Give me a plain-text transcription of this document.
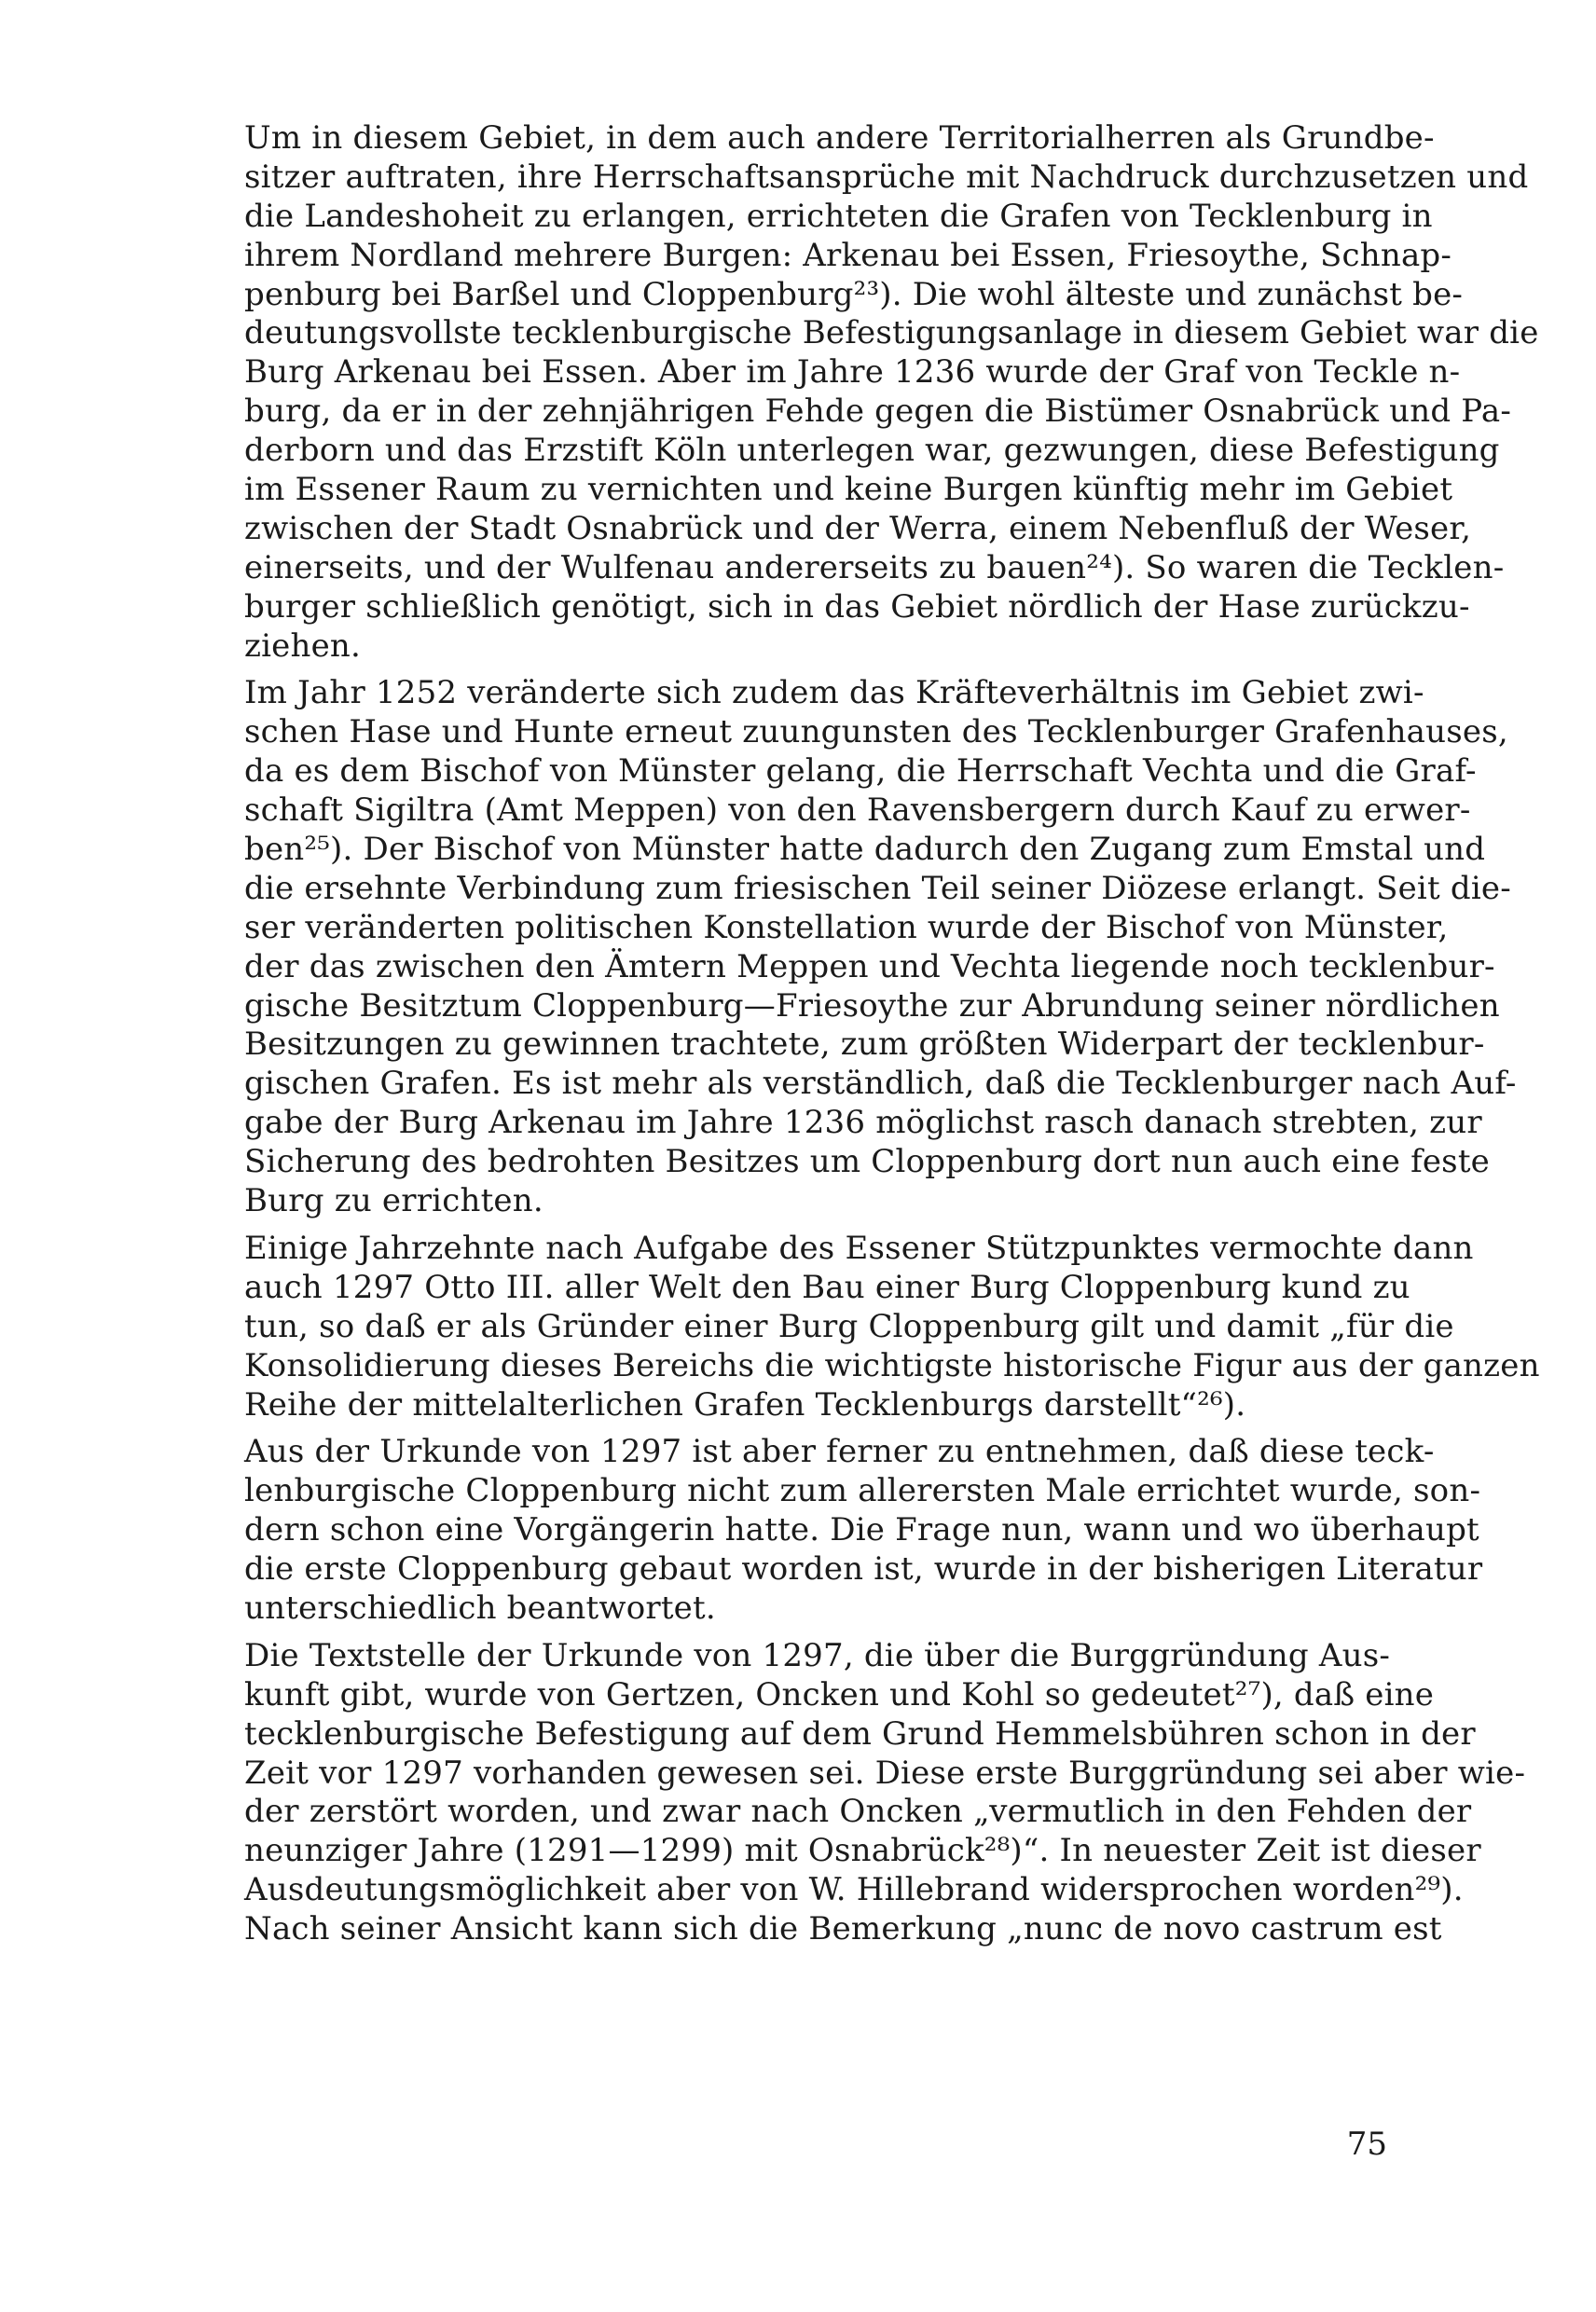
Um in diesem Gebiet, in dem auch andere Territorialherren als Grundbe-
sitzer auftraten, ihre Herrschaftsansprüche mit Nachdruck durchzusetzen und
die Landeshoheit zu erlangen, errichteten die Grafen von Tecklenburg in
ihrem Nordland mehrere Burgen: Arkenau bei Essen, Friesoythe, Schnap-
penburg bei Barßel und Cloppenburg²³). Die wohl älteste und zunächst be-
deutungsvollste tecklenburgische Befestigungsanlage in diesem Gebiet war die
Burg Arkenau bei Essen. Aber im Jahre 1236 wurde der Graf von Teckle n-
burg, da er in der zehnjährigen Fehde gegen die Bistümer Osnabrück und Pa-
derborn und das Erzstift Köln unterlegen war, gezwungen, diese Befestigung
im Essener Raum zu vernichten und keine Burgen künftig mehr im Gebiet
zwischen der Stadt Osnabrück und der Werra, einem Nebenfluß der Weser,
einerseits, und der Wulfenau andererseits zu bauen²⁴). So waren die Tecklen-
burger schließlich genötigt, sich in das Gebiet nördlich der Hase zurückzu-
ziehen.
Im Jahr 1252 veränderte sich zudem das Kräfteverhältnis im Gebiet zwi-
schen Hase und Hunte erneut zuungunsten des Tecklenburger Grafenhauses,
da es dem Bischof von Münster gelang, die Herrschaft Vechta und die Graf-
schaft Sigiltra (Amt Meppen) von den Ravensbergern durch Kauf zu erwer-
ben²⁵). Der Bischof von Münster hatte dadurch den Zugang zum Emstal und
die ersehnte Verbindung zum friesischen Teil seiner Diözese erlangt. Seit die-
ser veränderten politischen Konstellation wurde der Bischof von Münster,
der das zwischen den Ämtern Meppen und Vechta liegende noch tecklenbur-
gische Besitztum Cloppenburg—Friesoythe zur Abrundung seiner nördlichen
Besitzungen zu gewinnen trachtete, zum größten Widerpart der tecklenbur-
gischen Grafen. Es ist mehr als verständlich, daß die Tecklenburger nach Auf-
gabe der Burg Arkenau im Jahre 1236 möglichst rasch danach strebten, zur
Sicherung des bedrohten Besitzes um Cloppenburg dort nun auch eine feste
Burg zu errichten.
Einige Jahrzehnte nach Aufgabe des Essener Stützpunktes vermochte dann
auch 1297 Otto III. aller Welt den Bau einer Burg Cloppenburg kund zu
tun, so daß er als Gründer einer Burg Cloppenburg gilt und damit „für die
Konsolidierung dieses Bereichs die wichtigste historische Figur aus der ganzen
Reihe der mittelalterlichen Grafen Tecklenburgs darstellt“²⁶).
Aus der Urkunde von 1297 ist aber ferner zu entnehmen, daß diese teck-
lenburgische Cloppenburg nicht zum allerersten Male errichtet wurde, son-
dern schon eine Vorgängerin hatte. Die Frage nun, wann und wo überhaupt
die erste Cloppenburg gebaut worden ist, wurde in der bisherigen Literatur
unterschiedlich beantwortet.
Die Textstelle der Urkunde von 1297, die über die Burggründung Aus-
kunft gibt, wurde von Gertzen, Oncken und Kohl so gedeutet²⁷), daß eine
tecklenburgische Befestigung auf dem Grund Hemmelsbühren schon in der
Zeit vor 1297 vorhanden gewesen sei. Diese erste Burggründung sei aber wie-
der zerstört worden, und zwar nach Oncken „vermutlich in den Fehden der
neunziger Jahre (1291—1299) mit Osnabrück²⁸)“. In neuester Zeit ist dieser
Ausdeutungsmöglichkeit aber von W. Hillebrand widersprochen worden²⁹).
Nach seiner Ansicht kann sich die Bemerkung „nunc de novo castrum est
75
